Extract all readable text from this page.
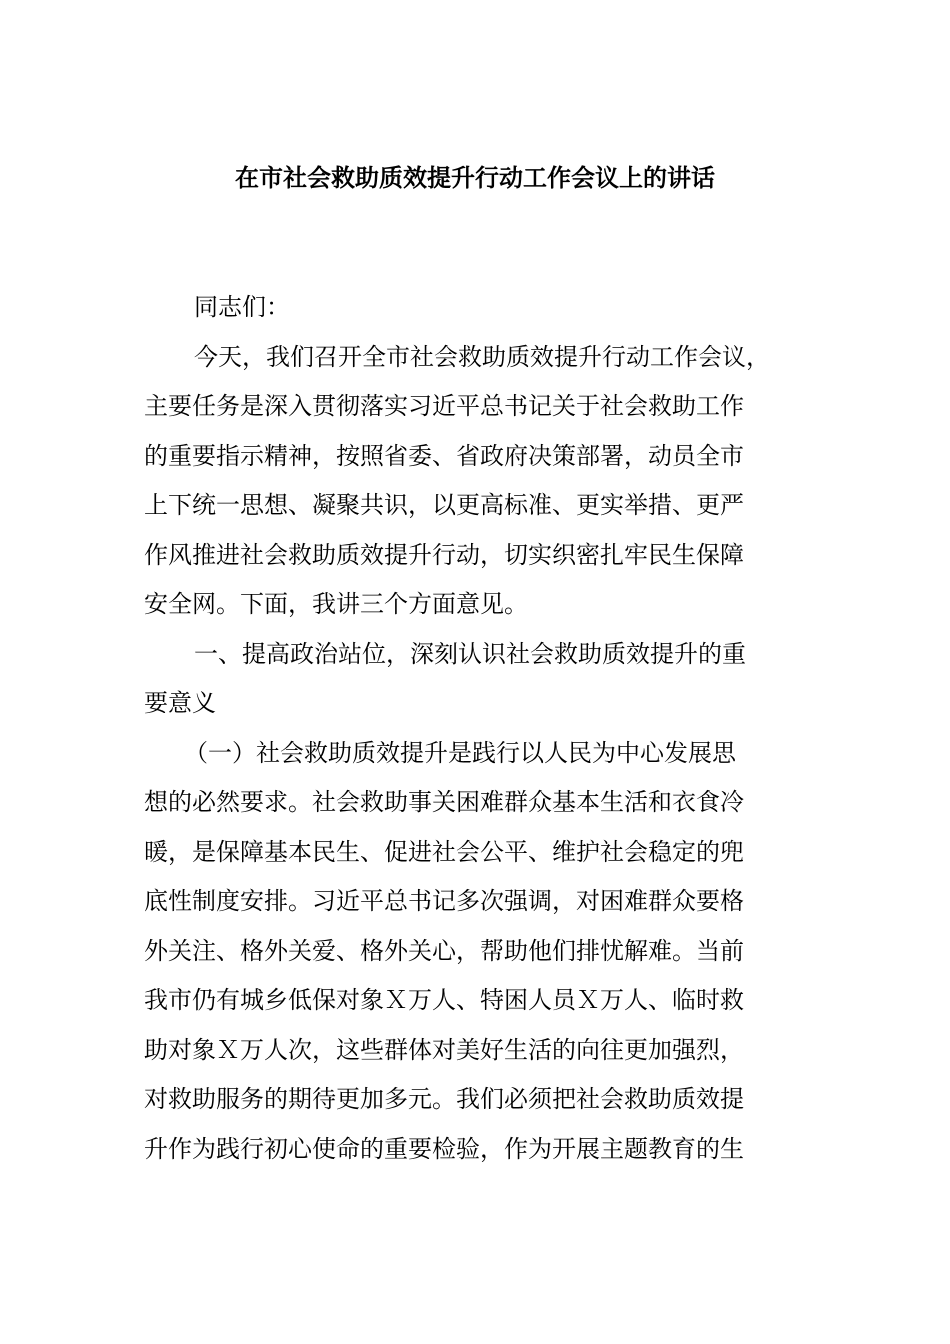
在市社会救助质效提升行动工作会议上的讲话
同志们：
今天，我们召开全市社会救助质效提升行动工作会议，
主要任务是深入贯彻落实习近平总书记关于社会救助工作
的重要指示精神，按照省委、省政府决策部署，动员全市
上下统一思想、凝聚共识，以更高标准、更实举措、更严
作风推进社会救助质效提升行动，切实织密扎牢民生保障
安全网。下面，我讲三个方面意见。
一、提高政治站位，深刻认识社会救助质效提升的重
要意义
（一）社会救助质效提升是践行以人民为中心发展思
想的必然要求。社会救助事关困难群众基本生活和衣食冷
暖，是保障基本民生、促进社会公平、维护社会稳定的兜
底性制度安排。习近平总书记多次强调，对困难群众要格
外关注、格外关爱、格外关心，帮助他们排忧解难。当前
我市仍有城乡低保对象Ｘ万人、特困人员Ｘ万人、临时救
助对象Ｘ万人次，这些群体对美好生活的向往更加强烈，
对救助服务的期待更加多元。我们必须把社会救助质效提
升作为践行初心使命的重要检验，作为开展主题教育的生
